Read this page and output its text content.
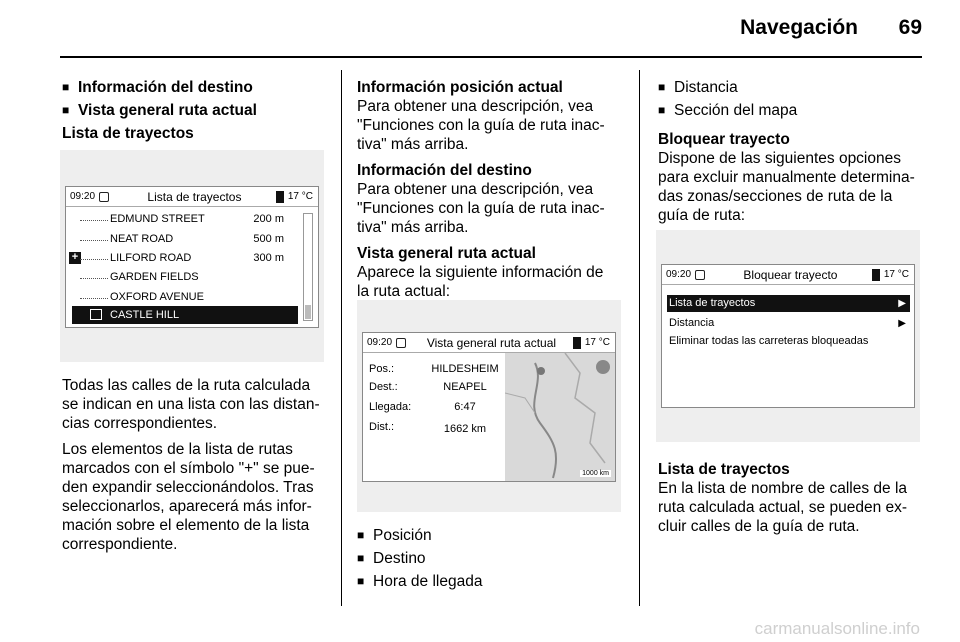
Navegación 69
■ Información del destino
■ Vista general ruta actual
Lista de trayectos
09:20	Lista de trayectos	17 °C
EDMUND STREET	200 m
NEAT ROAD	500 m
+	LILFORD ROAD	300 m
GARDEN FIELDS
OXFORD AVENUE
CASTLE HILL
Todas las calles de la ruta calculada se indican en una lista con las distan- cias correspondientes.
Los elementos de la lista de rutas marcados con el símbolo "+" se pue- den expandir seleccionándolos. Tras seleccionarlos, aparecerá más infor- mación sobre el elemento de la lista correspondiente.
Información posición actual
Para obtener una descripción, vea "Funciones con la guía de ruta inac- tiva" más arriba.
Información del destino
Para obtener una descripción, vea "Funciones con la guía de ruta inac- tiva" más arriba.
Vista general ruta actual
Aparece la siguiente información de la ruta actual:
09:20	Vista general ruta actual	17 °C
Pos.:	HILDESHEIM
Dest.:	NEAPEL
Llegada:	6:47
Dist.:	1662 km
1000 km
■ Posición
■ Destino
■ Hora de llegada
■ Distancia
■ Sección del mapa
Bloquear trayecto
Dispone de las siguientes opciones para excluir manualmente determina- das zonas/secciones de ruta de la guía de ruta:
09:20	Bloquear trayecto	17 °C
Lista de trayectos	▶
Distancia	▶
Eliminar todas las carreteras bloqueadas
Lista de trayectos
En la lista de nombre de calles de la ruta calculada actual, se pueden ex- cluir calles de la guía de ruta.
carmanualsonline.info
